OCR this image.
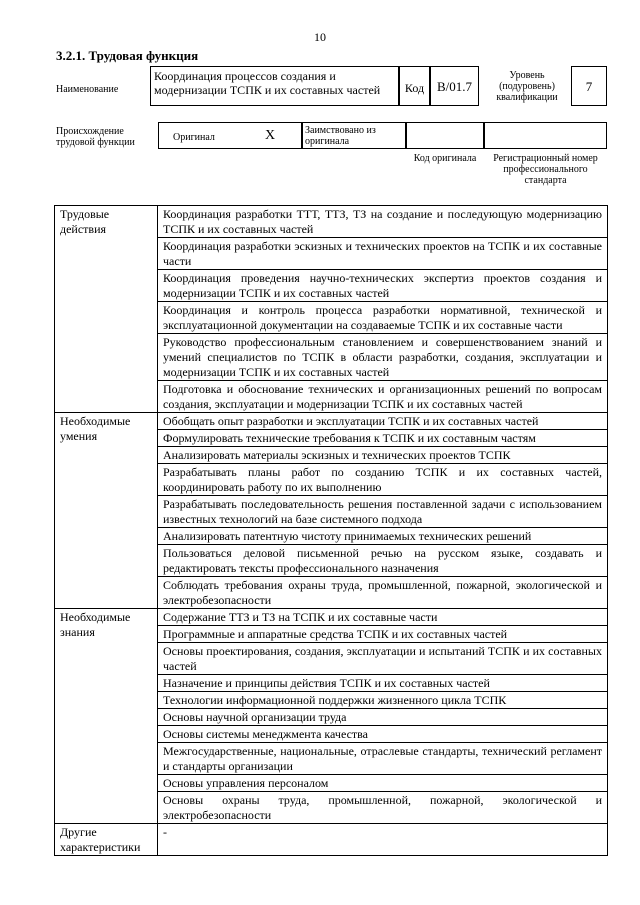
10
3.2.1. Трудовая функция
Наименование
Координация процессов создания и модернизации ТСПК и их составных частей	Код B/01.7
Уровень (подуровень) квалификации
7
Происхождение трудовой функции	Оригинал	X	Заимствовано из оригинала
Код оригинала	Регистрационный номер профессионального стандарта
Трудовые действия	Координация разработки ТТТ, ТТЗ, ТЗ на создание и последующую модернизацию ТСПК и их составных частей
	Координация разработки эскизных и технических проектов на ТСПК и их составные части
	Координация проведения научно-технических экспертиз проектов создания и модернизации ТСПК и их составных частей
	Координация и контроль процесса разработки нормативной, технической и эксплуатационной документации на создаваемые ТСПК и их составные части
	Руководство профессиональным становлением и совершенствованием знаний и умений специалистов по ТСПК в области разработки, создания, эксплуатации и модернизации ТСПК и их составных частей
	Подготовка и обоснование технических и организационных решений по вопросам создания, эксплуатации и модернизации ТСПК и их составных частей
Необходимые умения	Обобщать опыт разработки и эксплуатации ТСПК и их составных частей
	Формулировать технические требования к ТСПК и их составным частям
	Анализировать материалы эскизных и технических проектов ТСПК
	Разрабатывать планы работ по созданию ТСПК и их составных частей, координировать работу по их выполнению
	Разрабатывать последовательность решения поставленной задачи с использованием известных технологий на базе системного подхода
	Анализировать патентную чистоту принимаемых технических решений
	Пользоваться деловой письменной речью на русском языке, создавать и редактировать тексты профессионального назначения
	Соблюдать требования охраны труда, промышленной, пожарной, экологической и электробезопасности
Необходимые знания	Содержание ТТЗ и ТЗ на ТСПК и их составные части
	Программные и аппаратные средства ТСПК и их составных частей
	Основы проектирования, создания, эксплуатации и испытаний ТСПК и их составных частей
	Назначение и принципы действия ТСПК и их составных частей
	Технологии информационной поддержки жизненного цикла ТСПК
	Основы научной организации труда
	Основы системы менеджмента качества
	Межгосударственные, национальные, отраслевые стандарты, технический регламент и стандарты организации
	Основы управления персоналом
	Основы охраны труда, промышленной, пожарной, экологической и электробезопасности
Другие характеристики	-
